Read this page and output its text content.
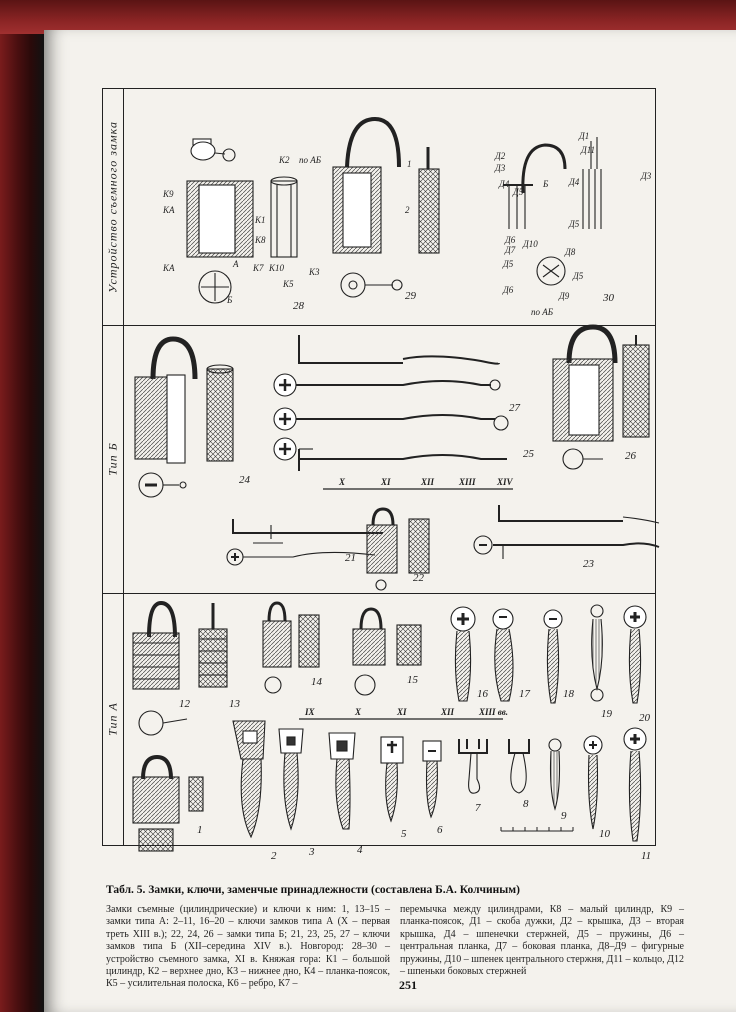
Устройство съемного замка
Тип Б
Тип А
К2 по АБ
К9
КА
К1
К8
КА	К7 К10
К5
К3
А
Б
1
2
Д1
Д2
Д3
Д4
Д5
Б
Д11
Д4
Д3
Д5
Д6
Д7
Д10
Д8
Д5
Д5
Д6
Д9
по АБ
28
29	30
24
27
25	26
21
22
23
12	13
14	15
16	17	18
19 20
1
2	3	4
5	6
7	8
9
10
11
X	XI	XII	XIII XIV
IX	X	XI	XII	XIII вв.
Табл. 5. Замки, ключи, заменчые принадлежности (составлена Б.А. Колчиным)
Замки съемные (цилиндрические) и ключи к ним: 1, 13–15 – замки типа А: 2–11, 16–20 – ключи замков типа А (Х – первая треть XIII в.); 22, 24, 26 – замки типа Б; 21, 23, 25, 27 – ключи замков типа Б (XII–середина XIV в.). Новгород: 28–30 – устройство съемного замка, XI в. Княжая гора: К1 – большой цилиндр, К2 – верхнее дно, К3 – нижнее дно, К4 – планка-поясок, К5 – усилительная полоска, К6 – ребро, К7 –
перемычка между цилиндрами, К8 – малый цилиндр, К9 – планка-поясок, Д1 – скоба дужки, Д2 – крышка, Д3 – вторая крышка, Д4 – шпенечки стержней, Д5 – пружины, Д6 – центральная планка, Д7 – боковая планка, Д8–Д9 – фигурные пружины, Д10 – шпенек центрального стержня, Д11 – кольцо, Д12 – шпеньки боковых стержней
251
